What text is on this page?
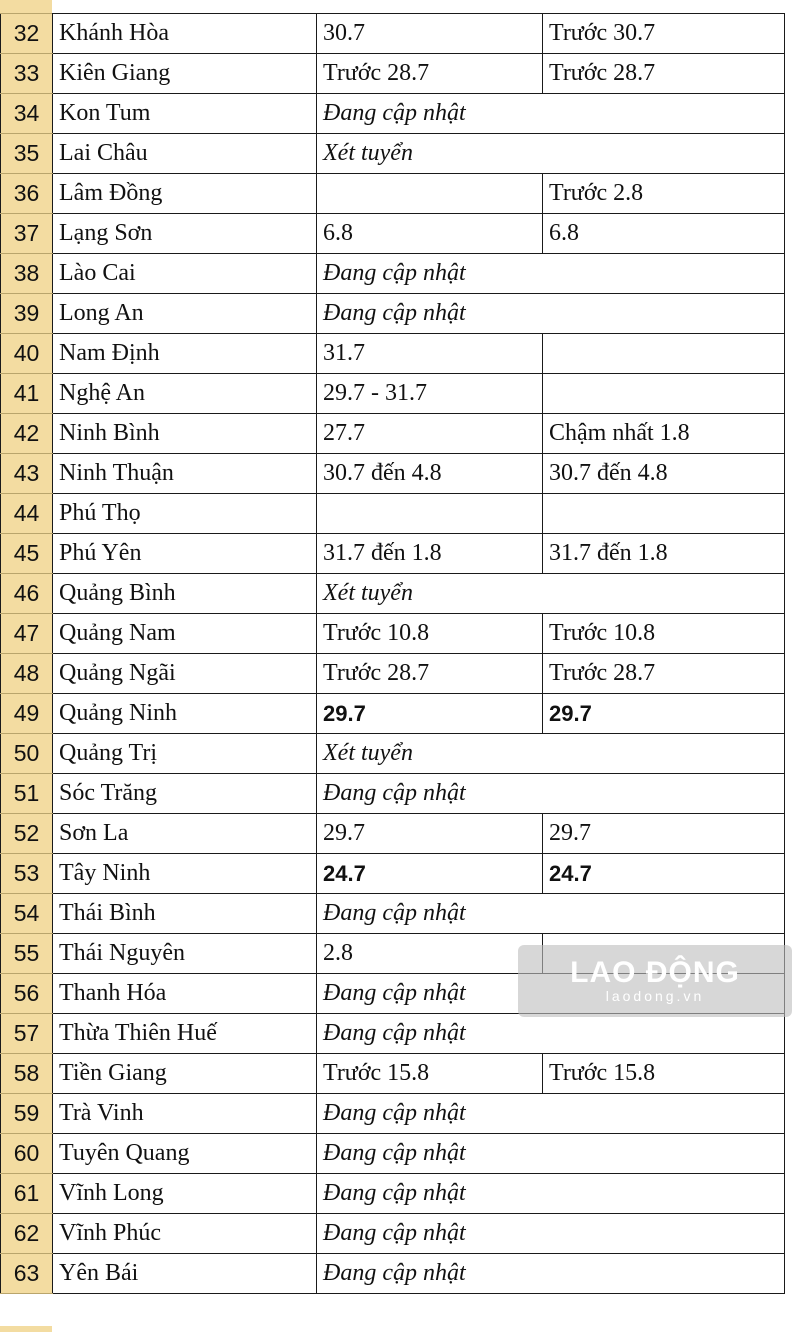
32	Khánh Hòa	30.7	Trước 30.7
33	Kiên Giang	Trước 28.7	Trước 28.7
34	Kon Tum	Đang cập nhật	
35	Lai Châu	Xét tuyển	
36	Lâm Đồng		Trước 2.8
37	Lạng Sơn	6.8	6.8
38	Lào Cai	Đang cập nhật	
39	Long An	Đang cập nhật	
40	Nam Định	31.7	
41	Nghệ An	29.7 - 31.7	
42	Ninh Bình	27.7	Chậm nhất 1.8
43	Ninh Thuận	30.7 đến 4.8	30.7 đến 4.8
44	Phú Thọ		
45	Phú Yên	31.7 đến 1.8	31.7 đến 1.8
46	Quảng Bình	Xét tuyển	
47	Quảng Nam	Trước 10.8	Trước 10.8
48	Quảng Ngãi	Trước 28.7	Trước 28.7
49	Quảng Ninh	29.7	29.7
50	Quảng Trị	Xét tuyển	
51	Sóc Trăng	Đang cập nhật	
52	Sơn La	29.7	29.7
53	Tây Ninh	24.7	24.7
54	Thái Bình	Đang cập nhật	
55	Thái Nguyên	2.8	
56	Thanh Hóa	Đang cập nhật	
57	Thừa Thiên Huế	Đang cập nhật	
58	Tiền Giang	Trước 15.8	Trước 15.8
59	Trà Vinh	Đang cập nhật	
60	Tuyên Quang	Đang cập nhật	
61	Vĩnh Long	Đang cập nhật	
62	Vĩnh Phúc	Đang cập nhật	
63	Yên Bái	Đang cập nhật	
LAO ĐỘNG
laodong.vn
